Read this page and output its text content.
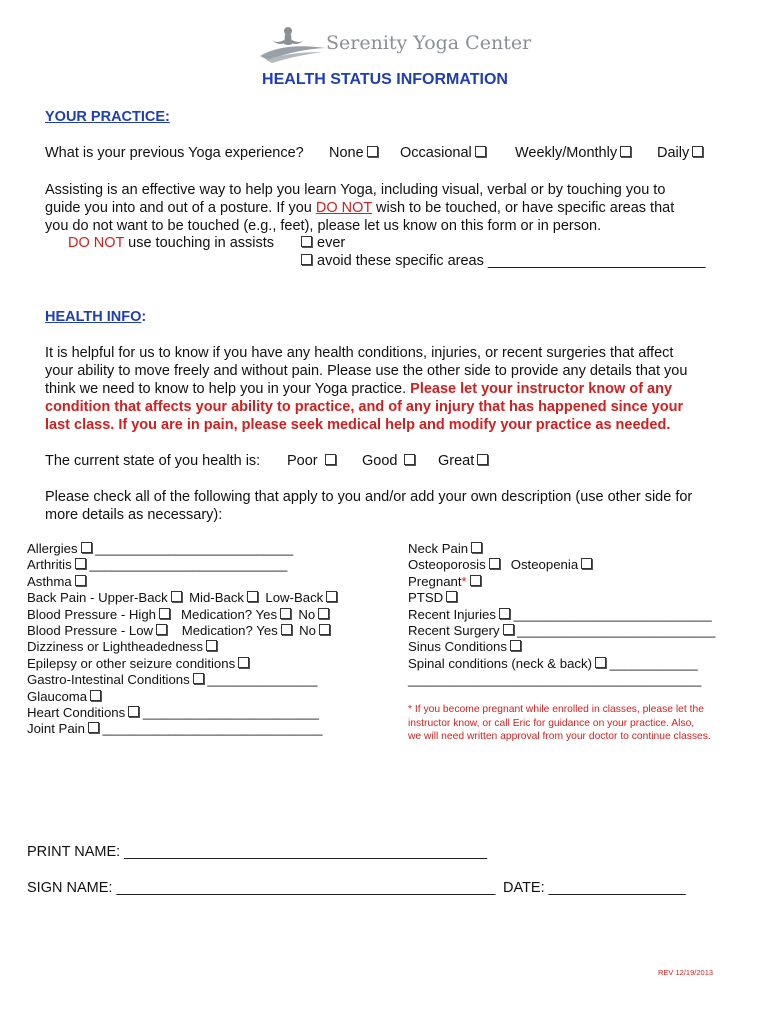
Serenity Yoga Center
HEALTH STATUS INFORMATION
YOUR PRACTICE:
What is your previous Yoga experience? None	Occasional	Weekly/Monthly	Daily
Assisting is an effective way to help you learn Yoga, including visual, verbal or by touching you to
guide you into and out of a posture. If you DO NOT wish to be touched, or have specific areas that
you do not want to be touched (e.g., feet), please let us know on this form or in person.
DO NOT use touching in assists	ever
avoid these specific areas ___________________________
HEALTH INFO:
It is helpful for us to know if you have any health conditions, injuries, or recent surgeries that affect
your ability to move freely and without pain. Please use the other side to provide any details that you
think we need to know to help you in your Yoga practice. Please let your instructor know of any
condition that affects your ability to practice, and of any injury that has happened since your
last class. If you are in pain, please seek medical help and modify your practice as needed.
The current state of you health is: Poor	Good	Great
Please check all of the following that apply to you and/or add your own description (use other side for
more details as necessary):
Allergies ___________________________
Arthritis ___________________________
Asthma
Back Pain - Upper-Back Mid-Back Low-Back
Blood Pressure - High Medication? Yes No
Blood Pressure - Low Medication? Yes No
Dizziness or Lightheadedness
Epilepsy or other seizure conditions
Gastro-Intestinal Conditions _______________
Glaucoma
Heart Conditions ________________________
Joint Pain ______________________________
Neck Pain
Osteoporosis Osteopenia
Pregnant*
PTSD
Recent Injuries ___________________________
Recent Surgery ___________________________
Sinus Conditions
Spinal conditions (neck & back) ____________
________________________________________
* If you become pregnant while enrolled in classes, please let the
instructor know, or call Eric for guidance on your practice. Also,
we will need written approval from your doctor to continue classes.
PRINT NAME: _____________________________________________
SIGN NAME: _______________________________________________ DATE: _________________
REV 12/19/2013
